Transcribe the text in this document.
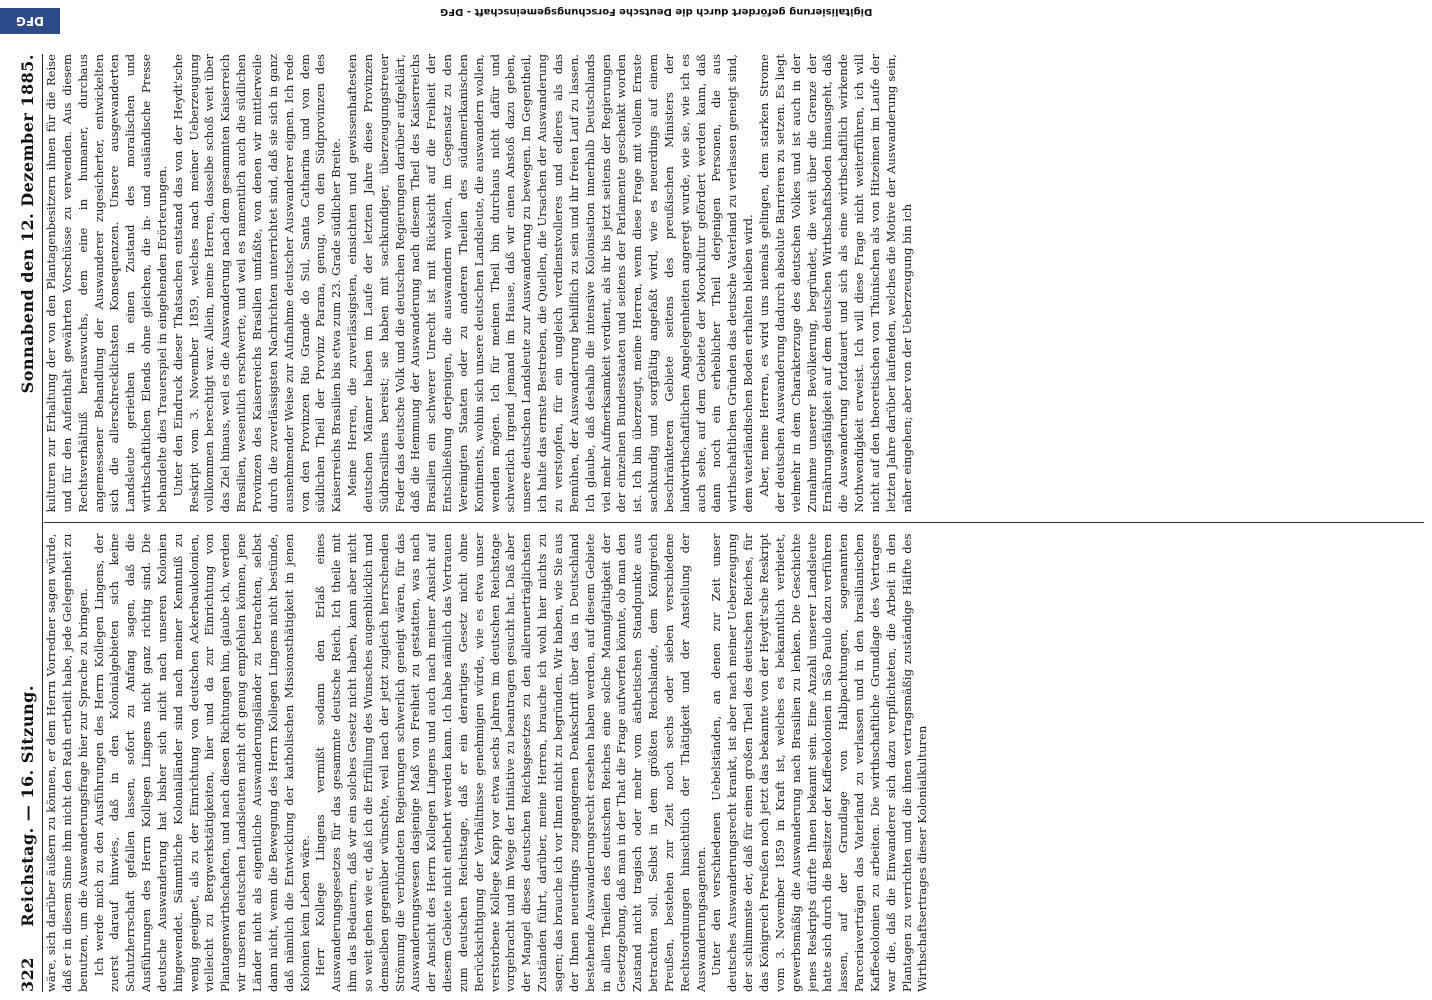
322     Reichstag. — 16. Sitzung.
Sonnabend den 12. Dezember 1885.

wäre, sich darüber äußern zu können, er dem Herrn Vorredner sagen würde, daß er in diesem Sinne ihm nicht den Rath ertheilt habe, jede Gelegenheit zu benutzen, um die Auswanderungsfrage hier zur Sprache zu bringen. Ich werde mich zu den Ausführungen des Herrn Kollegen Lingens, der zuerst darauf hinwies, daß in den Kolonialgebieten sich keine Schutzherrschaft gefallen lassen, sofort zu Anfang sagen, daß die Ausführungen des Herrn Kollegen Lingens nicht ganz richtig sind. Die deutsche Auswanderung hat bisher sich nicht nach unseren Kolonien hingewendet. Sämmtliche Kolonialländer sind nach meiner Kenntniß zu wenig geeignet, als zu der Einrichtung von deutschen Ackerbaukolonien, vielleicht zu Bergwerkstätigkeiten, hier und da zur Einrichtung von Plantagenwirthschaften, und nach diesen Richtungen hin, glaube ich, werden wir unseren deutschen Landsleuten nicht oft genug empfehlen können, jene Länder nicht als eigentliche Auswanderungsländer zu betrachten, selbst dann nicht, wenn die Bewegung des Herrn Kollegen Lingens nicht bestünde, daß nämlich die Entwicklung der katholischen Missionsthätigkeit in jenen Kolonien kein Leben wäre. Herr Kollege Lingens vermißt sodann den Erlaß eines Auswanderungsgesetzes für das gesammte deutsche Reich. Ich theile mit ihm das Bedauern, daß wir ein solches Gesetz nicht haben, kann aber nicht so weit gehen wie er, daß ich die Erfüllung des Wunsches augenblicklich und demselben gegenüber wünschte, weil nach der jetzt zugleich herrschenden Strömung die verbündeten Regierungen schwerlich geneigt wären, für das Auswanderungswesen dasjenige Maß von Freiheit zu gestatten, was nach der Ansicht des Herrn Kollegen Lingens und auch nach meiner Ansicht auf diesem Gebiete nicht entbehrt werden kann. Ich habe nämlich das Vertrauen zum deutschen Reichstage, daß er ein derartiges Gesetz nicht ohne Berücksichtigung der Verhältnisse genehmigen würde, wie es etwa unser verstorbene Kollege Kapp vor etwa sechs Jahren im deutschen Reichstage vorgebracht und im Wege der Initiative zu beantragen gesucht hat. Daß aber der Mangel dieses deutschen Reichsgesetzes zu den allerunerträglichsten Zuständen führt, darüber, meine Herren, brauche ich wohl hier nichts zu sagen; das brauche ich vor Ihnen nicht zu begründen. Wir haben, wie Sie aus der Ihnen neuerdings zugegangenen Denkschrift über das in Deutschland bestehende Auswanderungsrecht ersehen haben werden, auf diesem Gebiete in allen Theilen des deutschen Reiches eine solche Mannigfaltigkeit der Gesetzgebung, daß man in der That die Frage aufwerfen könnte, ob man den Zustand nicht tragisch oder mehr vom ästhetischen Standpunkte aus betrachten soll. Selbst in dem größten Reichslande, dem Königreich Preußen, bestehen zur Zeit noch sechs oder sieben verschiedene Rechtsordnungen hinsichtlich der Thätigkeit und der Anstellung der Auswanderungsagenten. Unter den verschiedenen Uebelständen, an denen zur Zeit unser deutsches Auswanderungsrecht krankt, ist aber nach meiner Ueberzeugung der schlimmste der, daß für einen großen Theil des deutschen Reiches, für das Königreich Preußen noch jetzt das bekannte von der Heydt'sche Reskript vom 3. November 1859 in Kraft ist, welches es bekanntlich verbietet, gewerbsmäßig die Auswanderung nach Brasilien zu lenken. Die Geschichte jenes Reskripts dürfte Ihnen bekannt sein. Eine Anzahl unserer Landsleute hatte sich durch die Besitzer der Kaffeekolonien in São Paulo dazu verführen lassen, auf der Grundlage von Halbpachtungen, sogenannten Parceriaverträgen das Vaterland zu verlassen und in den brasilianischen Kaffeekolonien zu arbeiten. Die wirthschaftliche Grundlage des Vertrages war die, daß die Einwanderer sich dazu verpflichteten, die Arbeit in den Plantagen zu verrichten und die ihnen vertragsmäßig zuständige Hälfte des Wirthschaftsertrages dieser Kolonialkulturen

kulturen zur Erhaltung der von den Plantagenbesitzern ihnen für die Reise und für den Aufenthalt gewährten Vorschüsse zu verwenden. Aus diesem Rechtsverhältniß herauswuchs, dem eine in humaner, durchaus angemessener Behandlung der Auswanderer zugesicherter, entwickelten sich die allerschrecklichsten Konsequenzen. Unsere ausgewanderten Landsleute geriethen in einen Zustand des moralischen und wirthschaftlichen Elends ohne gleichen, die in- und ausländische Presse behandelte dies Trauerspiel in eingehenden Erörterungen. Unter den Eindruck dieser Thatsachen entstand das von der Heydt'sche Reskript vom 3. November 1859, welches nach meiner Ueberzeugung vollkommen berechtigt war. Allein, meine Herren, dasselbe schoß weit über das Ziel hinaus, weil es die Auswanderung nach dem gesammten Kaiserreich Brasilien, wesentlich erschwerte, und weil es namentlich auch die südlichen Provinzen des Kaiserreichs Brasilien umfaßte, von denen wir mittlerweile durch die zuverlässigsten Nachrichten unterrichtet sind, daß sie sich in ganz ausnehmender Weise zur Aufnahme deutscher Auswanderer eignen. Ich rede von den Provinzen Rio Grande do Sul, Santa Catharina und von dem südlichen Theil der Provinz Parana, genug, von den Südprovinzen des Kaiserreichs Brasilien bis etwa zum 23. Grade südlicher Breite. Meine Herren, die zuverlässigsten, einsichten und gewissenhaftesten deutschen Männer haben im Laufe der letzten Jahre diese Provinzen Südbrasiliens bereist; sie haben mit sachkundiger, überzeugungstreuer Feder das deutsche Volk und die deutschen Regierungen darüber aufgeklärt, daß die Hemmung der Auswanderung nach diesem Theil des Kaiserreichs Brasilien ein schwerer Unrecht ist mit Rücksicht auf die Freiheit der Entschließung derjenigen, die auswandern wollen, im Gegensatz zu den Vereinigten Staaten oder zu anderen Theilen des südamerikanischen Kontinents, wohin sich unsere deutschen Landsleute, die auswandern wollen, wenden mögen. Ich für meinen Theil bin durchaus nicht dafür und schwerlich irgend jemand im Hause, daß wir einen Anstoß dazu geben, unsere deutschen Landsleute zur Auswanderung zu bewegen. Im Gegentheil, ich halte das ernste Bestreben, die Quellen, die Ursachen der Auswanderung zu verstopfen, für ein ungleich verdienstvolleres und edleres als das Bemühen, der Auswanderung behilflich zu sein und ihr freien Lauf zu lassen. Ich glaube, daß deshalb die intensive Kolonisation innerhalb Deutschlands viel mehr Aufmerksamkeit verdient, als ihr bis jetzt seitens der Regierungen der einzelnen Bundesstaaten und seitens der Parlamente geschenkt worden ist. Ich bin überzeugt, meine Herren, wenn diese Frage mit vollem Ernste sachkundig und sorgfältig angefaßt wird, wie es neuerdings auf einem beschränkteren Gebiete seitens des preußischen Ministers der landwirthschaftlichen Angelegenheiten angeregt wurde, wie sie, wie ich es auch sehe, auf dem Gebiete der Moorkultur gefördert werden kann, daß dann noch ein erheblicher Theil derjenigen Personen, die aus wirthschaftlichen Gründen das deutsche Vaterland zu verlassen geneigt sind, dem vaterländischen Boden erhalten bleiben wird. Aber, meine Herren, es wird uns niemals gelingen, dem starken Strome der deutschen Auswanderung dadurch absolute Barrieren zu setzen. Es liegt vielmehr in dem Charakterzuge des deutschen Volkes und ist auch in der Zunahme unserer Bevölkerung, begründet, die weit über die Grenze der Ernährungsfähigkeit auf dem deutschen Wirthschaftsboden hinausgeht, daß die Auswanderung fortdauert und sich als eine wirthschaftlich wirkende Nothwendigkeit erweist. Ich will diese Frage nicht weiterführen, ich will nicht auf den theoretischen von Thünischen als von Hitzeimen im Laufe der letzten Jahre darüber laufenden, welches die Motive der Auswanderung sein, näher eingehen; aber von der Ueberzeugung bin ich

DFG
Digitalisierung gefördert durch die Deutsche Forschungsgemeinschaft - DFG
